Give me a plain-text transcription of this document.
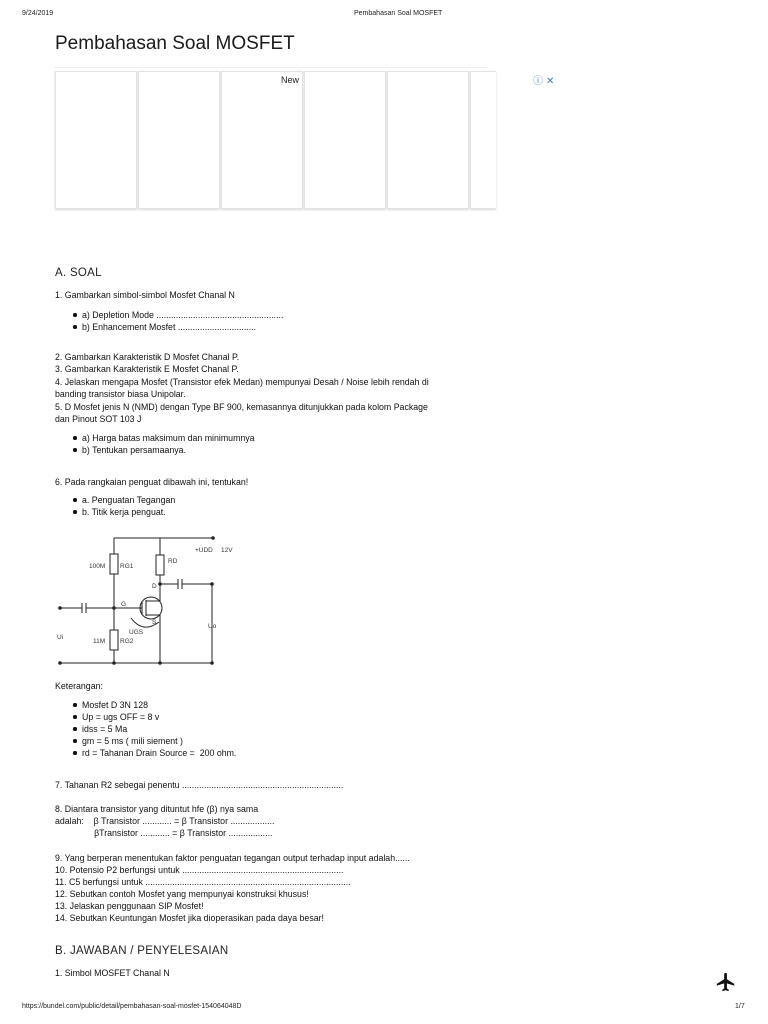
9/24/2019	Pembahasan Soal MOSFET
Pembahasan Soal MOSFET
New	ⓘ ✕
A. SOAL
1. Gambarkan simbol-simbol Mosfet Chanal N
a) Depletion Mode ....................................................
b) Enhancement Mosfet ................................
2. Gambarkan Karakteristik D Mosfet Chanal P.
3. Gambarkan Karakteristik E Mosfet Chanal P.
4. Jelaskan mengapa Mosfet (Transistor efek Medan) mempunyai Desah / Noise lebih rendah di
banding transistor biasa Unipolar.
5. D Mosfet jenis N (NMD) dengan Type BF 900, kemasannya ditunjukkan pada kolom Package
dan Pinout SOT 103 J
a) Harga batas maksimum dan minimumnya
b) Tentukan persamaanya.
6. Pada rangkaian penguat dibawah ini, tentukan!
a. Penguatan Tegangan
b. Titik kerja penguat.
+UDD 12V
RD
100M RG1
D
G
S
UGS
11M RG2
Ui
Uo
Keterangan:
Mosfet D 3N 128
Up = ugs OFF = 8 v
idss = 5 Ma
gm = 5 ms ( mili siement )
rd = Tahanan Drain Source =  200 ohm.
7. Tahanan R2 sebegai penentu ..................................................................
8. Diantara transistor yang dituntut hfe (β) nya sama
adalah:    β Transistor ............ = β Transistor ..................
βTransistor ............ = β Transistor ..................
9. Yang berperan menentukan faktor penguatan tegangan output terhadap input adalah......
10. Potensio P2 berfungsi untuk ..................................................................
11. C5 berfungsi untuk ....................................................................................
12. Sebutkan contoh Mosfet yang mempunyai konstruksi khusus!
13. Jelaskan penggunaan SIP Mosfet!
14. Sebutkan Keuntungan Mosfet jika dioperasikan pada daya besar!
B. JAWABAN / PENYELESAIAN
1. Simbol MOSFET Chanal N
https://bundel.com/public/detail/pembahasan-soal-mosfet-154064048D	1/7
